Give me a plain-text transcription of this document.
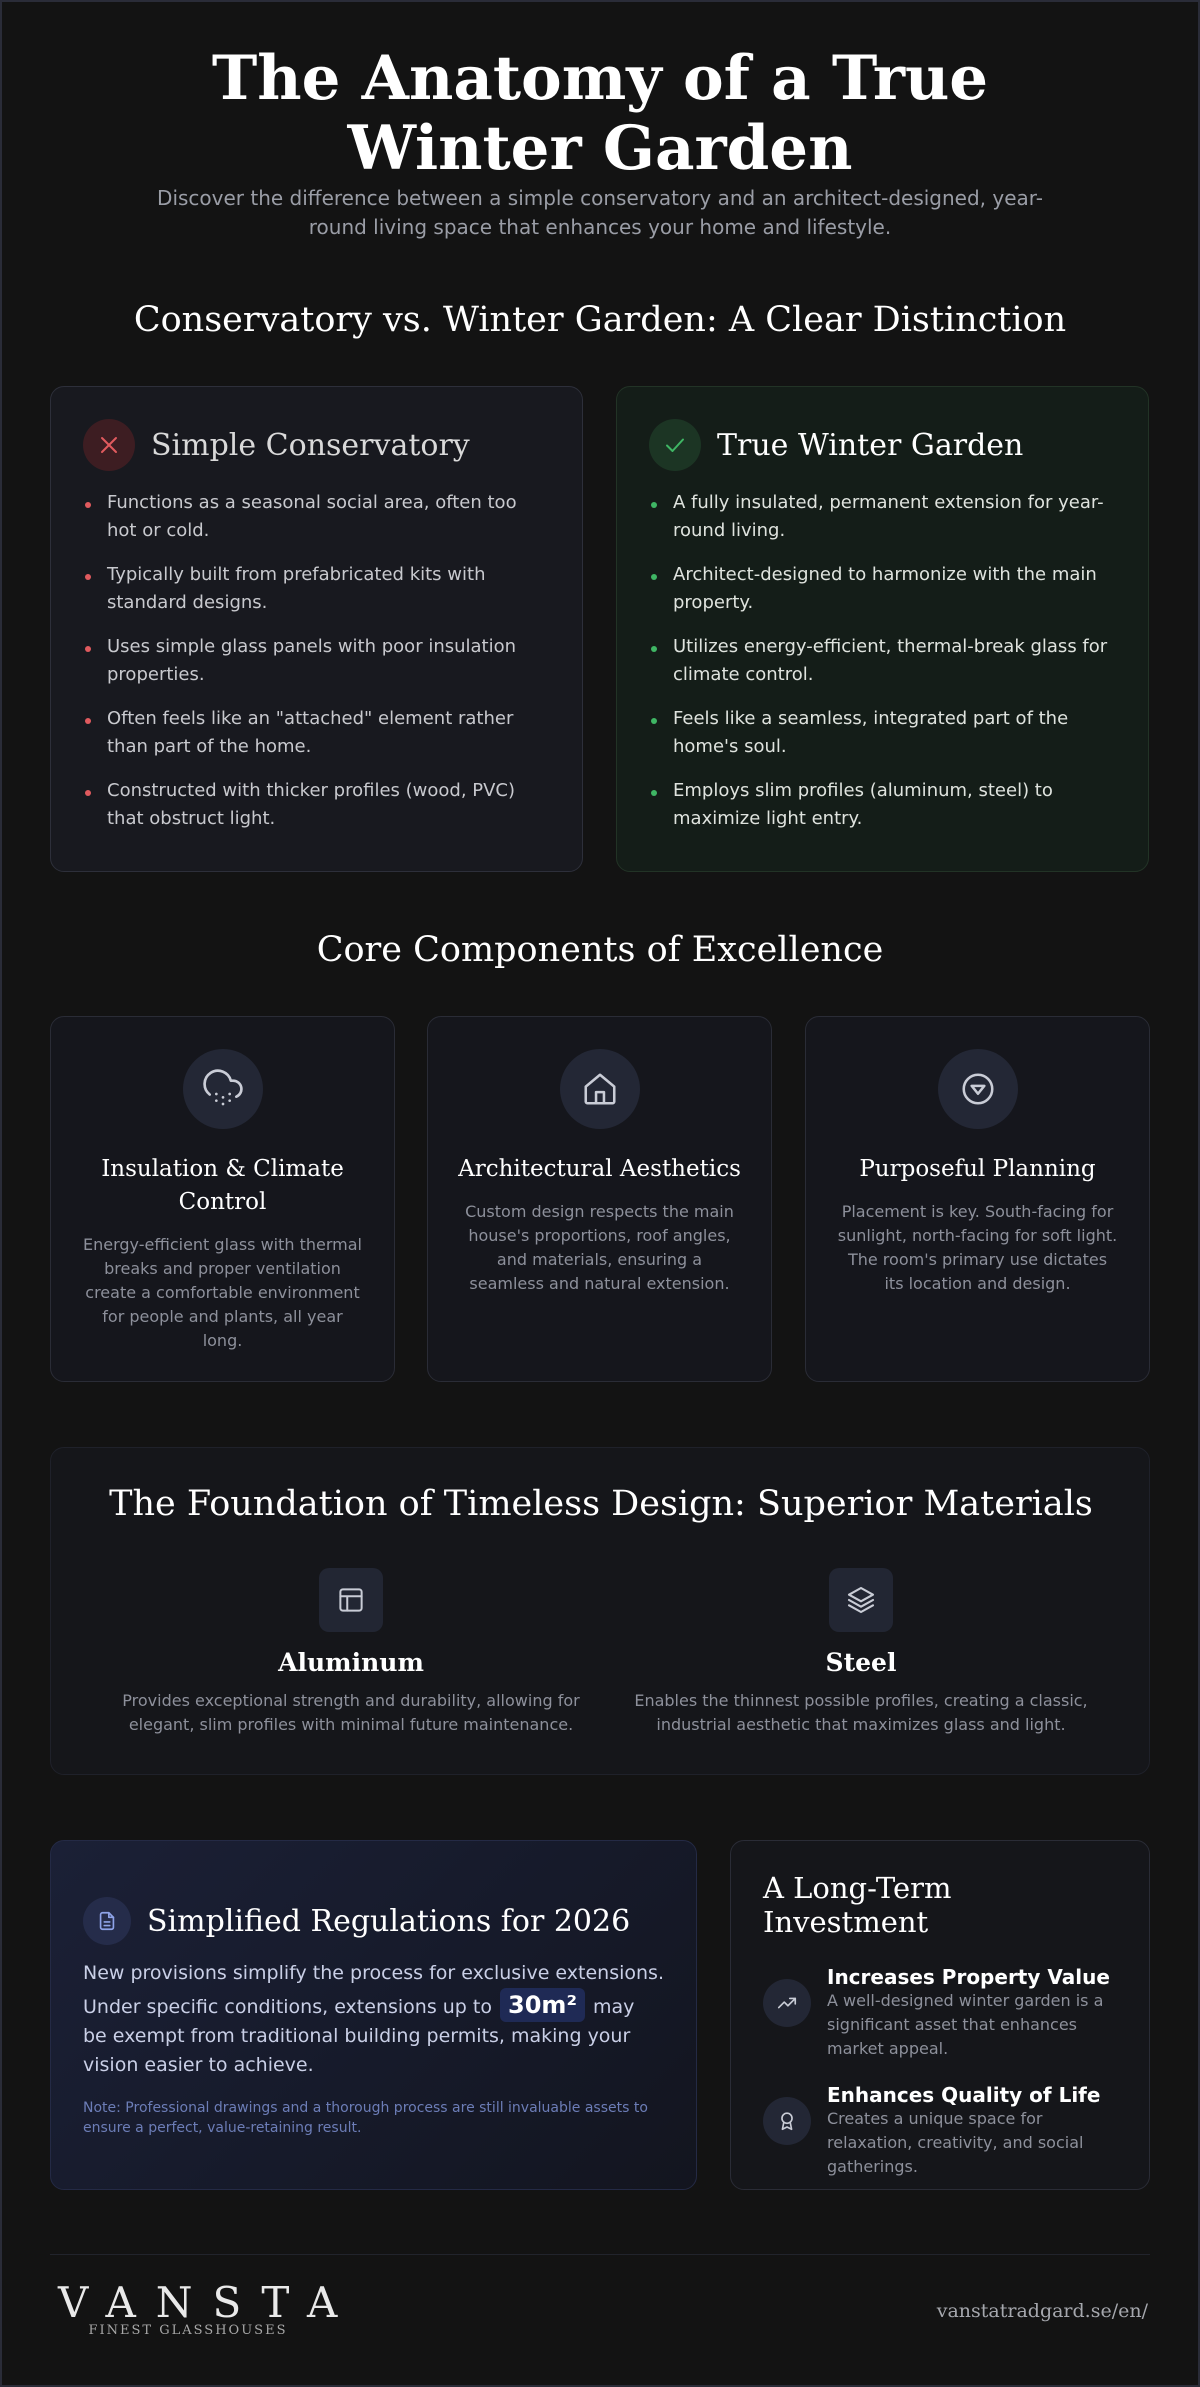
The Anatomy of a True Winter Garden

Discover the difference between a simple conservatory and an architect-designed, year-round living space that enhances your home and lifestyle.

Conservatory vs. Winter Garden: A Clear Distinction
Simple Conservatory
Functions as a seasonal social area, often too hot or cold.
Typically built from prefabricated kits with standard designs.
Uses simple glass panels with poor insulation properties.
Often feels like an "attached" element rather than part of the home.
Constructed with thicker profiles (wood, PVC) that obstruct light.
True Winter Garden
A fully insulated, permanent extension for year-round living.
Architect-designed to harmonize with the main property.
Utilizes energy-efficient, thermal-break glass for climate control.
Feels like a seamless, integrated part of the home's soul.
Employs slim profiles (aluminum, steel) to maximize light entry.
Core Components of Excellence
Insulation & Climate Control
Energy-efficient glass with thermal breaks and proper ventilation create a comfortable environment for people and plants, all year long.
Architectural Aesthetics
Custom design respects the main house's proportions, roof angles, and materials, ensuring a seamless and natural extension.
Purposeful Planning
Placement is key. South-facing for sunlight, north-facing for soft light. The room's primary use dictates its location and design.
The Foundation of Timeless Design: Superior Materials
Aluminum
Provides exceptional strength and durability, allowing for elegant, slim profiles with minimal future maintenance.
Steel
Enables the thinnest possible profiles, creating a classic, industrial aesthetic that maximizes glass and light.
Simplified Regulations for 2026

New provisions simplify the process for exclusive extensions. Under specific conditions, extensions up to 30m² may be exempt from traditional building permits, making your vision easier to achieve.

Note: Professional drawings and a thorough process are still invaluable assets to ensure a perfect, value-retaining result.

A Long-Term Investment
Increases Property Value
A well-designed winter garden is a significant asset that enhances market appeal.
Enhances Quality of Life
Creates a unique space for relaxation, creativity, and social gatherings.
VANSTA
FINEST GLASSHOUSES
vanstatradgard.se/en/
